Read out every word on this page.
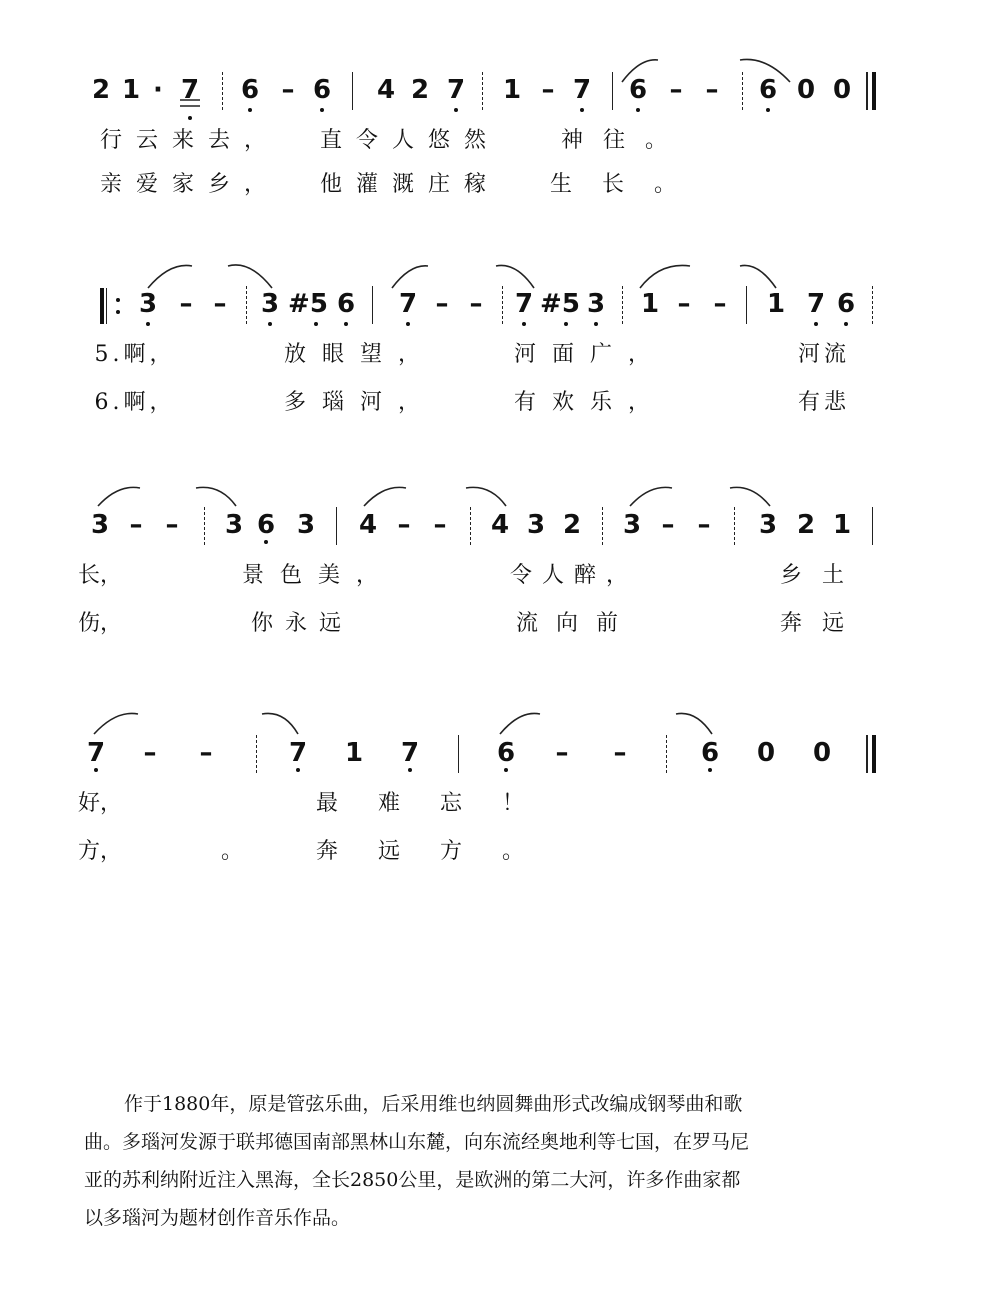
2 1 · 7 6 – 6 4 2 7 1 – 7 6 – – 6 0 0
行云来去， 直令人悠然	神往。
亲爱家乡， 他灌溉庄稼 生长。
3 – – 3 #5 6 7 – – 7 #5 3 1 – – 1 7 6
5.啊，	放眼望，	河面广，	河流
6.啊，	多瑙河，	有欢乐，	有悲
3 – – 3 6 3 4 – – 4 3 2 3 – – 3 2 1
长，	景色美，	令人醉，	乡土
伤，	你永远	流向前	奔远
7 – –	7 1 7	6 – –	6 0 0
好，	最难忘！
方，	。	奔远方。
作于1880年，原是管弦乐曲，后采用维也纳圆舞曲形式改编成钢琴曲和歌
曲。多瑙河发源于联邦德国南部黑林山东麓，向东流经奥地利等七国，在罗马尼
亚的苏利纳附近注入黑海，全长2850公里，是欧洲的第二大河，许多作曲家都
以多瑙河为题材创作音乐作品。
